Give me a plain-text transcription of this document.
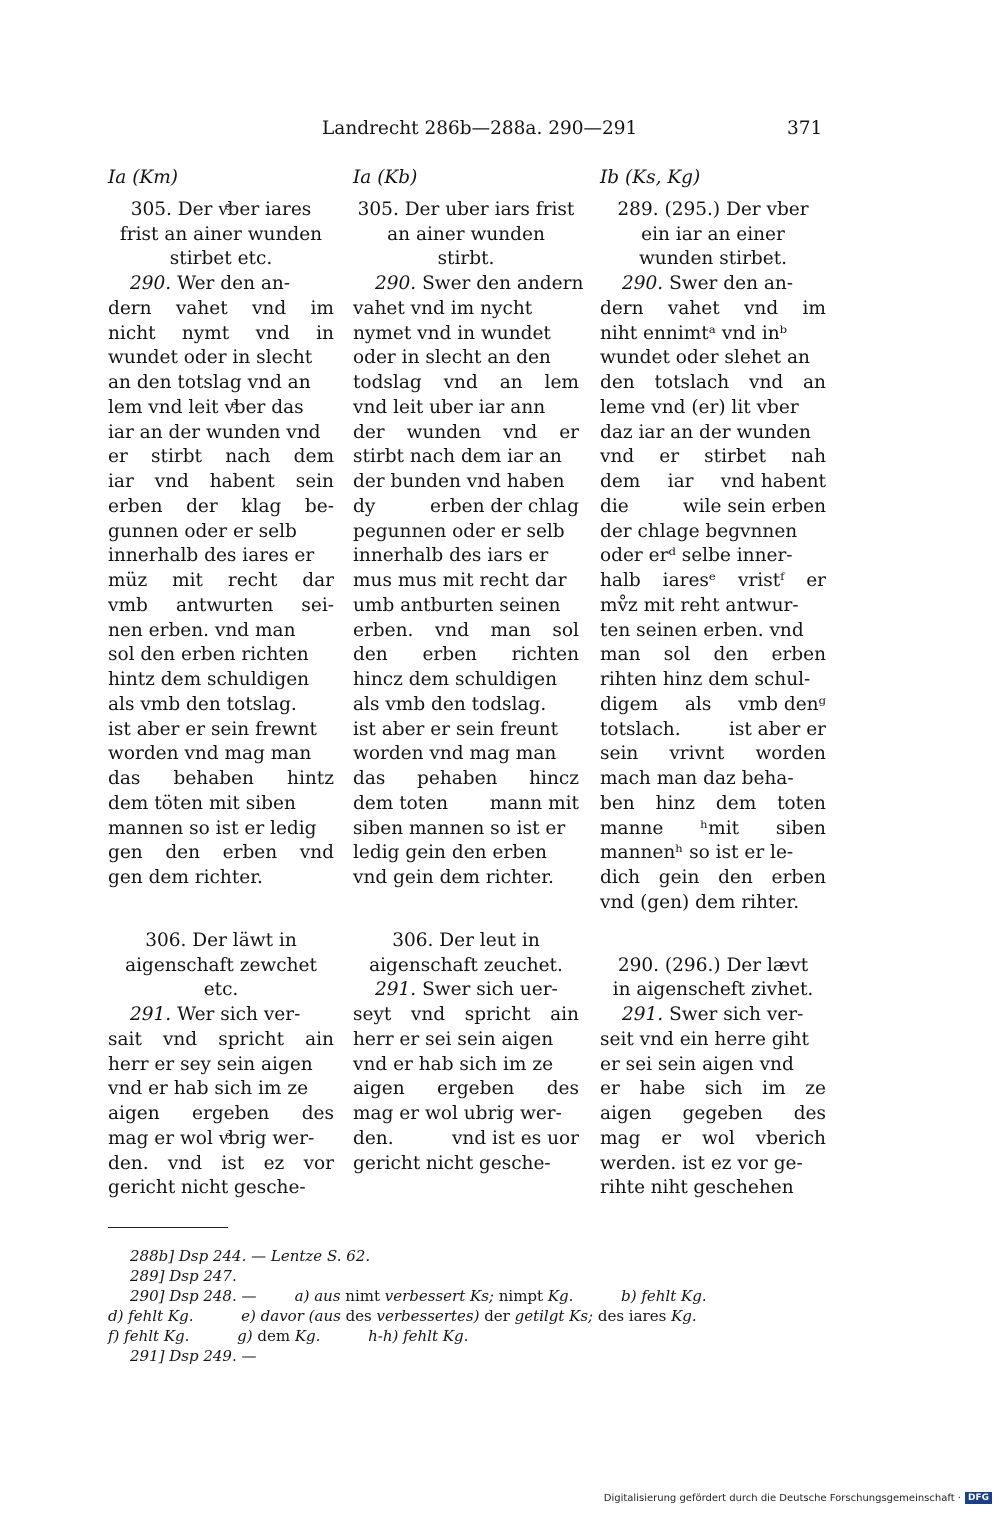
Landrecht 286b—288a. 290—291	371
Ia (Km)
305. Der vͤber iares
frist an ainer wunden
stirbet etc.
290.
Wer den an-
dern vahet vnd im
nicht nymt vnd in
wundet oder in slecht
an den totslag vnd an
lem vnd leit vͤber das
iar an der wunden vnd
er stirbt nach dem
iar vnd habent sein
erben der klag be-
gunnen oder er selb
innerhalb des iares er
müz mit recht dar
vmb antwurten sei-
nen erben. vnd man
sol den erben richten
hintz dem schuldigen
als vmb den totslag.
ist aber er sein frewnt
worden vnd mag man
das behaben hintz
dem töten mit siben
mannen so ist er ledig
gen den erben vnd
gen dem richter.
306. Der läwt in
aigenschaft zewchet
etc.
291.
Wer sich ver-
sait vnd spricht ain
herr er sey sein aigen
vnd er hab sich im ze
aigen ergeben des
mag er wol vͤbrig wer-
den. vnd ist ez vor
gericht nicht gesche-
Ia (Kb)
305. Der uber iars frist
an ainer wunden
stirbt.
290.
Swer den andern
vahet vnd im nycht
nymet vnd in wundet
oder in slecht an den
todslag vnd an lem
vnd leit uber iar ann
der wunden vnd er
stirbt nach dem iar an
der bunden vnd haben
dy	erben der chlag
pegunnen oder er selb
innerhalb des iars er
mus mus mit recht dar
umb antburten seinen
erben. vnd man sol
den erben richten
hincz dem schuldigen
als vmb den todslag.
ist aber er sein freunt
worden vnd mag man
das pehaben hincz
dem toten mann mit
siben mannen so ist er
ledig gein den erben
vnd gein dem richter.
306. Der leut in
aigenschaft zeuchet.
291.
Swer sich uer-
seyt vnd spricht ain
herr er sei sein aigen
vnd er hab sich im ze
aigen ergeben des
mag er wol ubrig wer-
den.	vnd ist es uor
gericht nicht gesche-
Ib (Ks, Kg)
289. (295.) Der vber
ein iar an einer
wunden stirbet.
290.
Swer den an-
dern vahet vnd im
niht ennimtᵃ vnd inᵇ
wundet oder slehet an
den totslach vnd an
leme vnd (er) lit vber
daz iar an der wunden
vnd er stirbet nah
dem iar vnd habent
die	wile sein erben
der chlage begvnnen
oder erᵈ selbe inner-
halb iaresᵉ vristᶠ er
mv̊z mit reht antwur-
ten seinen erben. vnd
man sol den erben
rihten hinz dem schul-
digem als vmb denᵍ
totslach.	ist aber er
sein vrivnt worden
mach man daz beha-
ben hinz dem toten
manne ʰmit siben
mannenʰ so ist er le-
dich gein den erben
vnd (gen) dem rihter.
290. (296.) Der lævt
in aigenscheft zivhet.
291.
Swer sich ver-
seit vnd ein herre giht
er sei sein aigen vnd
er habe sich im ze
aigen gegeben des
mag er wol vberich
werden. ist ez vor ge-
rihte niht geschehen
288b] Dsp 244. — Lentze S. 62.
289] Dsp 247.
290] Dsp 248. —        a) aus nimt verbessert Ks; nimpt Kg.          b) fehlt Kg.
d) fehlt Kg.          e) davor (aus des verbessertes) der getilgt Ks; des iares Kg.
f) fehlt Kg.          g) dem Kg.          h-h) fehlt Kg.
291] Dsp 249. —
Digitalisierung gefördert durch die Deutsche Forschungsgemeinschaft · DFG
